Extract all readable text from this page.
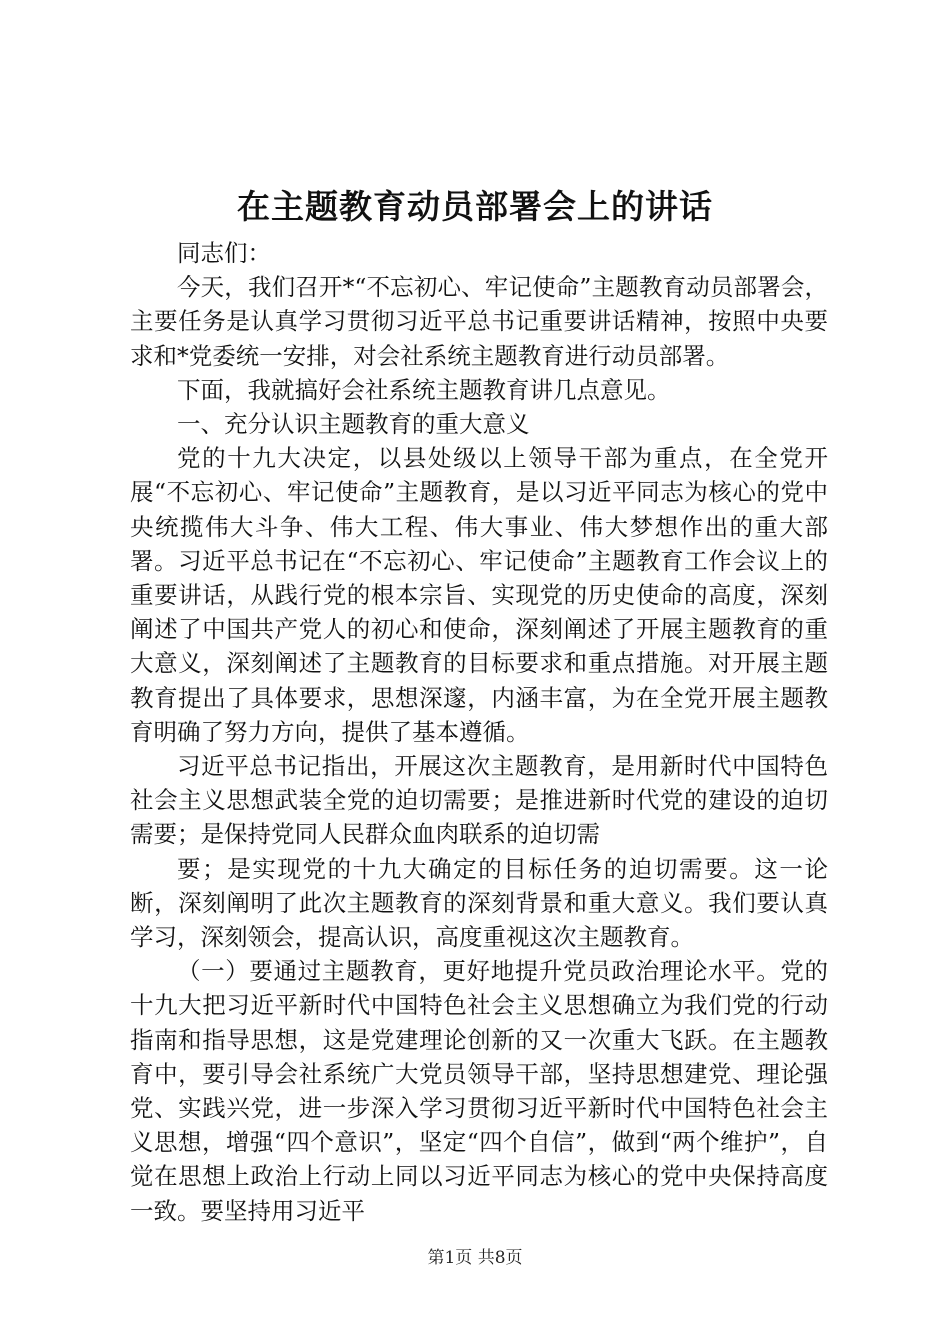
在主题教育动员部署会上的讲话

同志们：

今天，我们召开*“不忘初心、牢记使命”主题教育动员部署会，主要任务是认真学习贯彻习近平总书记重要讲话精神，按照中央要求和*党委统一安排，对会社系统主题教育进行动员部署。

下面，我就搞好会社系统主题教育讲几点意见。

一、充分认识主题教育的重大意义

党的十九大决定，以县处级以上领导干部为重点，在全党开展“不忘初心、牢记使命”主题教育，是以习近平同志为核心的党中央统揽伟大斗争、伟大工程、伟大事业、伟大梦想作出的重大部署。习近平总书记在“不忘初心、牢记使命”主题教育工作会议上的重要讲话，从践行党的根本宗旨、实现党的历史使命的高度，深刻阐述了中国共产党人的初心和使命，深刻阐述了开展主题教育的重大意义，深刻阐述了主题教育的目标要求和重点措施。对开展主题教育提出了具体要求，思想深邃，内涵丰富，为在全党开展主题教育明确了努力方向，提供了基本遵循。

习近平总书记指出，开展这次主题教育，是用新时代中国特色社会主义思想武装全党的迫切需要；是推进新时代党的建设的迫切需要；是保持党同人民群众血肉联系的迫切需

要；是实现党的十九大确定的目标任务的迫切需要。这一论断，深刻阐明了此次主题教育的深刻背景和重大意义。我们要认真学习，深刻领会，提高认识，高度重视这次主题教育。

（一）要通过主题教育，更好地提升党员政治理论水平。党的十九大把习近平新时代中国特色社会主义思想确立为我们党的行动指南和指导思想，这是党建理论创新的又一次重大飞跃。在主题教育中，要引导会社系统广大党员领导干部，坚持思想建党、理论强党、实践兴党，进一步深入学习贯彻习近平新时代中国特色社会主义思想，增强“四个意识”，坚定“四个自信”，做到“两个维护”，自觉在思想上政治上行动上同以习近平同志为核心的党中央保持高度一致。要坚持用习近平

第1页 共8页
